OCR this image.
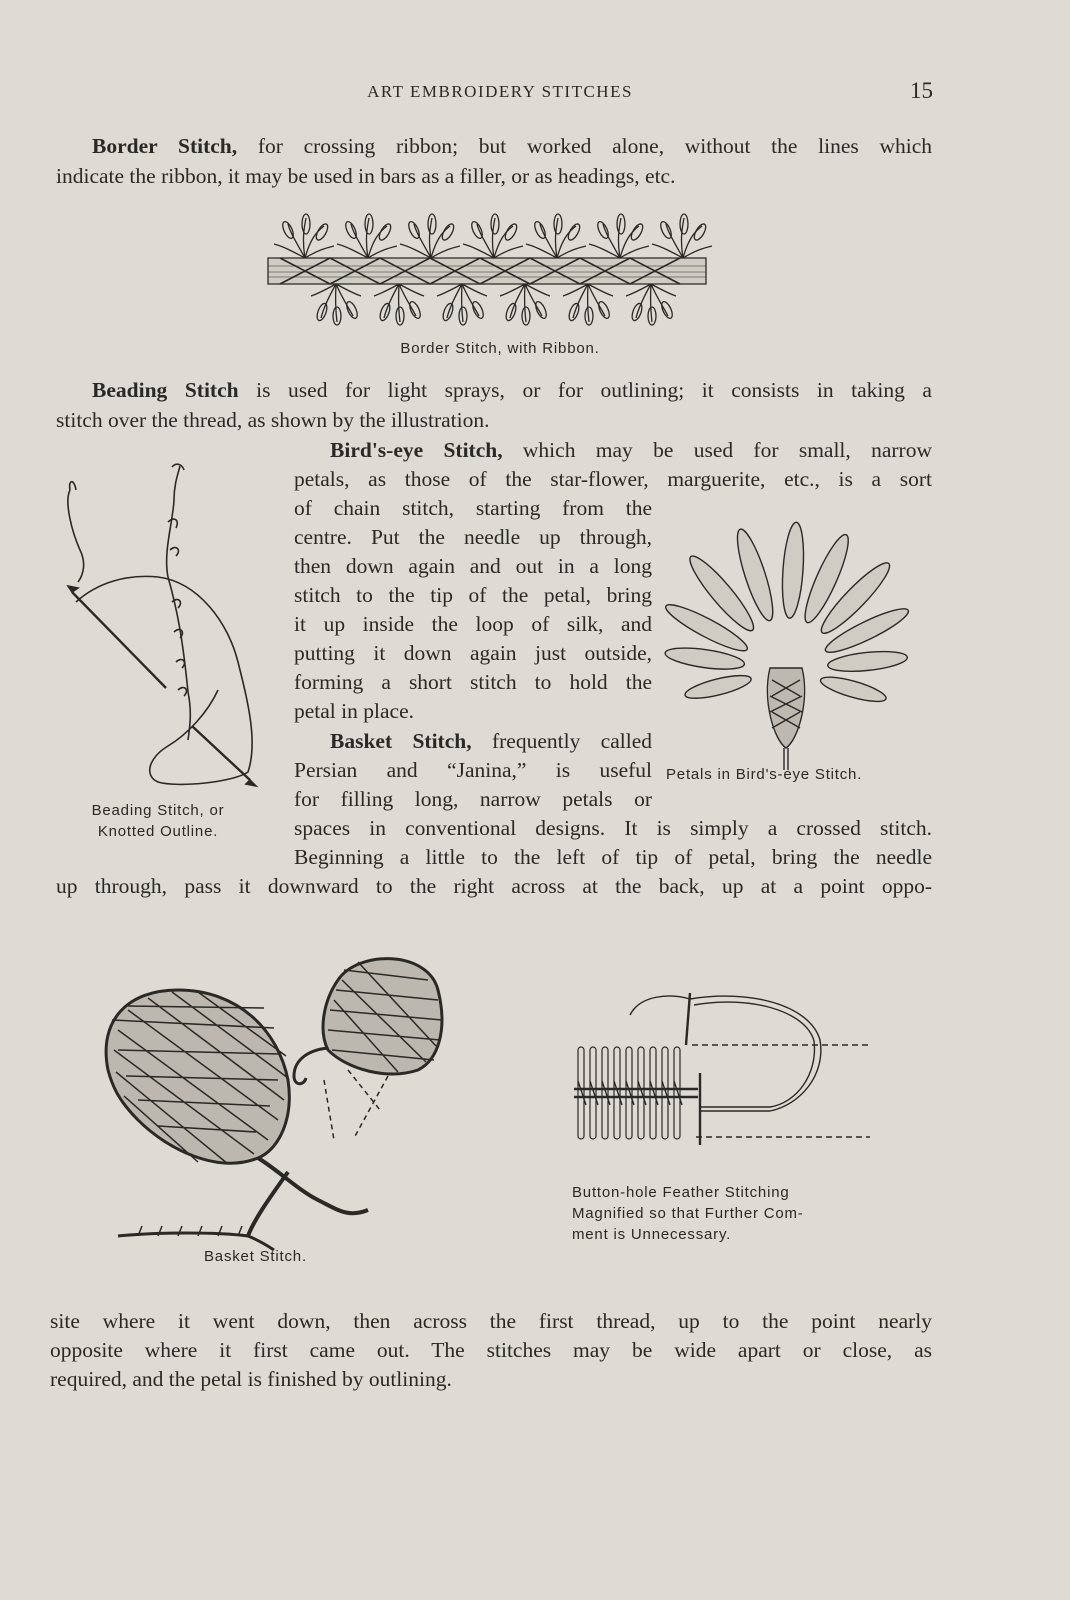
ART EMBROIDERY STITCHES	15
Border Stitch, for crossing ribbon; but worked alone, without the lines which
indicate the ribbon, it may be used in bars as a filler, or as headings, etc.
Border Stitch, with Ribbon.
Beading Stitch is used for light sprays, or for outlining; it consists in taking a
stitch over the thread, as shown by the illustration.
Bird's-eye Stitch, which may be used for small, narrow
petals, as those of the star-flower, marguerite, etc., is a sort
of chain stitch, starting from the
centre. Put the needle up through,
then down again and out in a long
stitch to the tip of the petal, bring
it up inside the loop of silk, and
putting it down again just outside,
forming a short stitch to hold the
petal in place.
Basket Stitch, frequently called
Persian and “Janina,” is useful
for filling long, narrow petals or
spaces in conventional designs. It is simply a crossed stitch.
Beginning a little to the left of tip of petal, bring the needle
up through, pass it downward to the right across at the back, up at a point oppo-
Beading Stitch, or
Knotted Outline.
Petals in Bird's-eye Stitch.
Basket Stitch.
Button-hole Feather Stitching
Magnified so that Further Com-
ment is Unnecessary.
site where it went down, then across the first thread, up to the point nearly
opposite where it first came out. The stitches may be wide apart or close, as
required, and the petal is finished by outlining.
